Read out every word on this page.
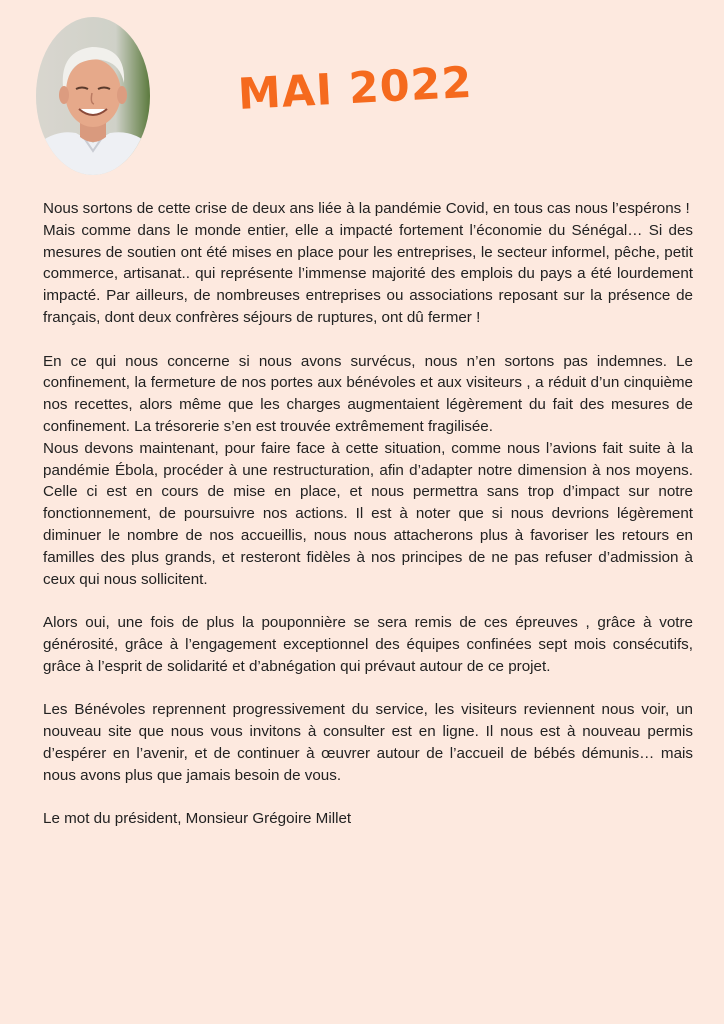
MAI 2022

Nous sortons de cette crise de deux ans liée à la pandémie Covid, en tous cas nous l’espérons !

Mais comme dans le monde entier, elle a impacté fortement l’économie du Sénégal… Si des mesures de soutien ont été mises en place pour les entreprises, le secteur informel, pêche, petit commerce, artisanat.. qui représente l’immense majorité des emplois du pays a été lourdement impacté. Par ailleurs, de nombreuses entreprises ou associations reposant sur la présence de français, dont deux confrères séjours de ruptures, ont dû fermer !

En ce qui nous concerne si nous avons survécus, nous n’en sortons pas indemnes. Le confinement, la fermeture de nos portes aux bénévoles et aux visiteurs , a réduit d’un cinquième nos recettes, alors même que les charges augmentaient légèrement du fait des mesures de confinement. La trésorerie s’en est trouvée extrêmement fragilisée.

Nous devons maintenant, pour faire face à cette situation, comme nous l’avions fait suite à la pandémie Ébola, procéder à une restructuration, afin d’adapter notre dimension à nos moyens. Celle ci est en cours de mise en place, et nous permettra sans trop d’impact sur notre fonctionnement, de poursuivre nos actions. Il est à noter que si nous devrions légèrement diminuer le nombre de nos accueillis, nous nous attacherons plus à favoriser les retours en familles des plus grands, et resteront fidèles à nos principes de ne pas refuser d’admission à ceux qui nous sollicitent.

Alors oui, une fois de plus la pouponnière se sera remis de ces épreuves , grâce à votre générosité, grâce à l’engagement exceptionnel des équipes confinées sept mois consécutifs, grâce à l’esprit de solidarité et d’abnégation qui prévaut autour de ce projet.

Les Bénévoles reprennent progressivement du service, les visiteurs reviennent nous voir, un nouveau site que nous vous invitons à consulter est en ligne. Il nous est à nouveau permis d’espérer en l’avenir, et de continuer à œuvrer autour de l’accueil de bébés démunis… mais nous avons plus que jamais besoin de vous.

Le mot du président, Monsieur Grégoire Millet
